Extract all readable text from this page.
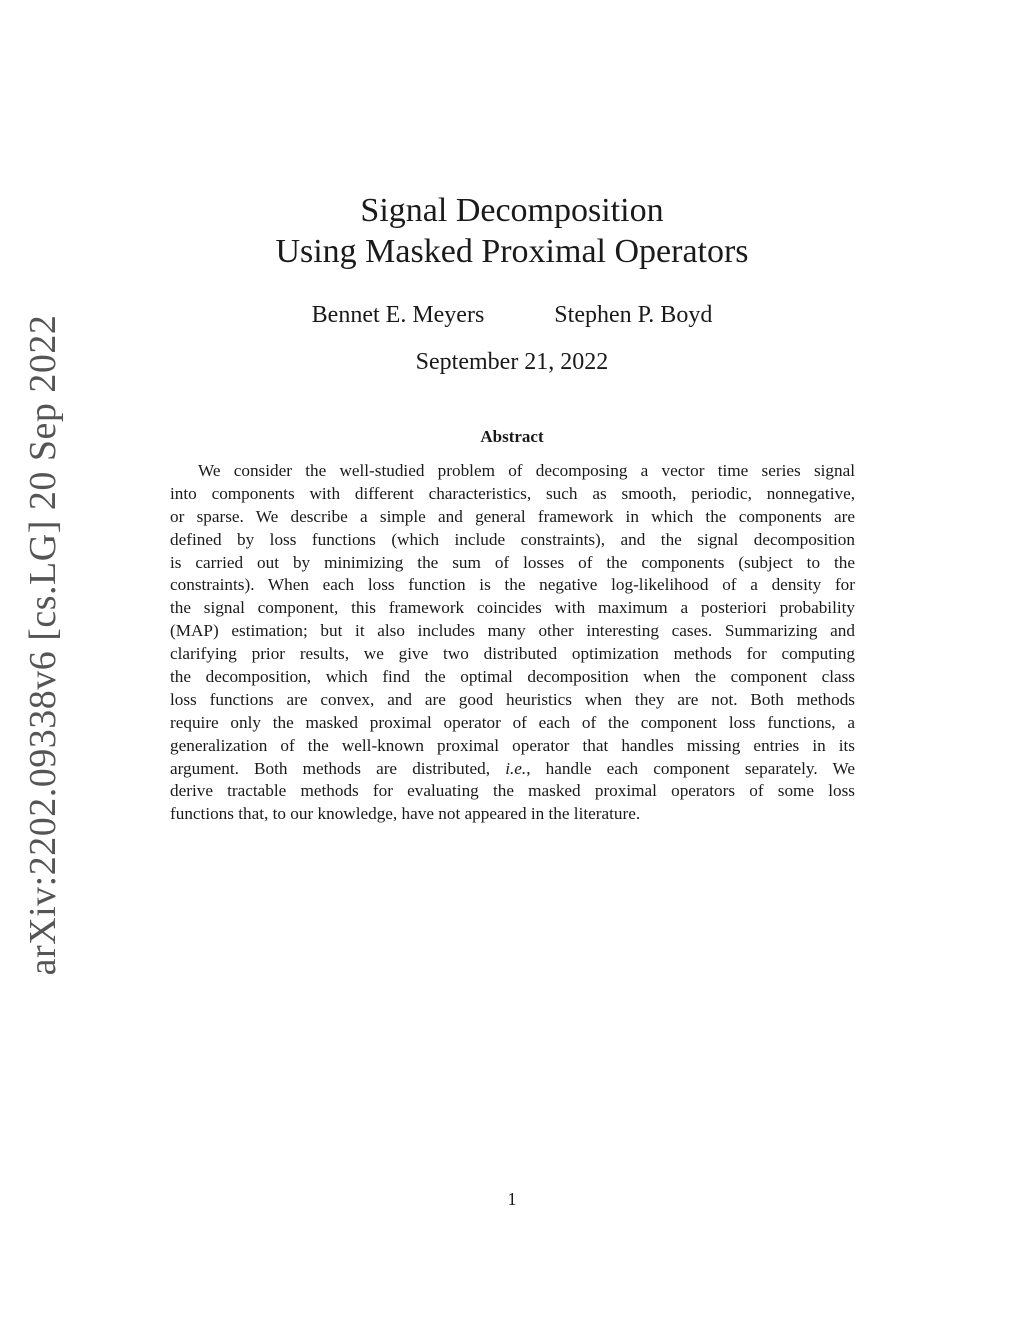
arXiv:2202.09338v6 [cs.LG] 20 Sep 2022
Signal Decomposition
Using Masked Proximal Operators
Bennet E. Meyers	Stephen P. Boyd
September 21, 2022
Abstract
We consider the well-studied problem of decomposing a vector time series signal
into components with different characteristics, such as smooth, periodic, nonnegative,
or sparse. We describe a simple and general framework in which the components are
defined by loss functions (which include constraints), and the signal decomposition
is carried out by minimizing the sum of losses of the components (subject to the
constraints). When each loss function is the negative log-likelihood of a density for
the signal component, this framework coincides with maximum a posteriori probability
(MAP) estimation; but it also includes many other interesting cases. Summarizing and
clarifying prior results, we give two distributed optimization methods for computing
the decomposition, which find the optimal decomposition when the component class
loss functions are convex, and are good heuristics when they are not. Both methods
require only the masked proximal operator of each of the component loss functions, a
generalization of the well-known proximal operator that handles missing entries in its
argument. Both methods are distributed, i.e., handle each component separately. We
derive tractable methods for evaluating the masked proximal operators of some loss
functions that, to our knowledge, have not appeared in the literature.
1
